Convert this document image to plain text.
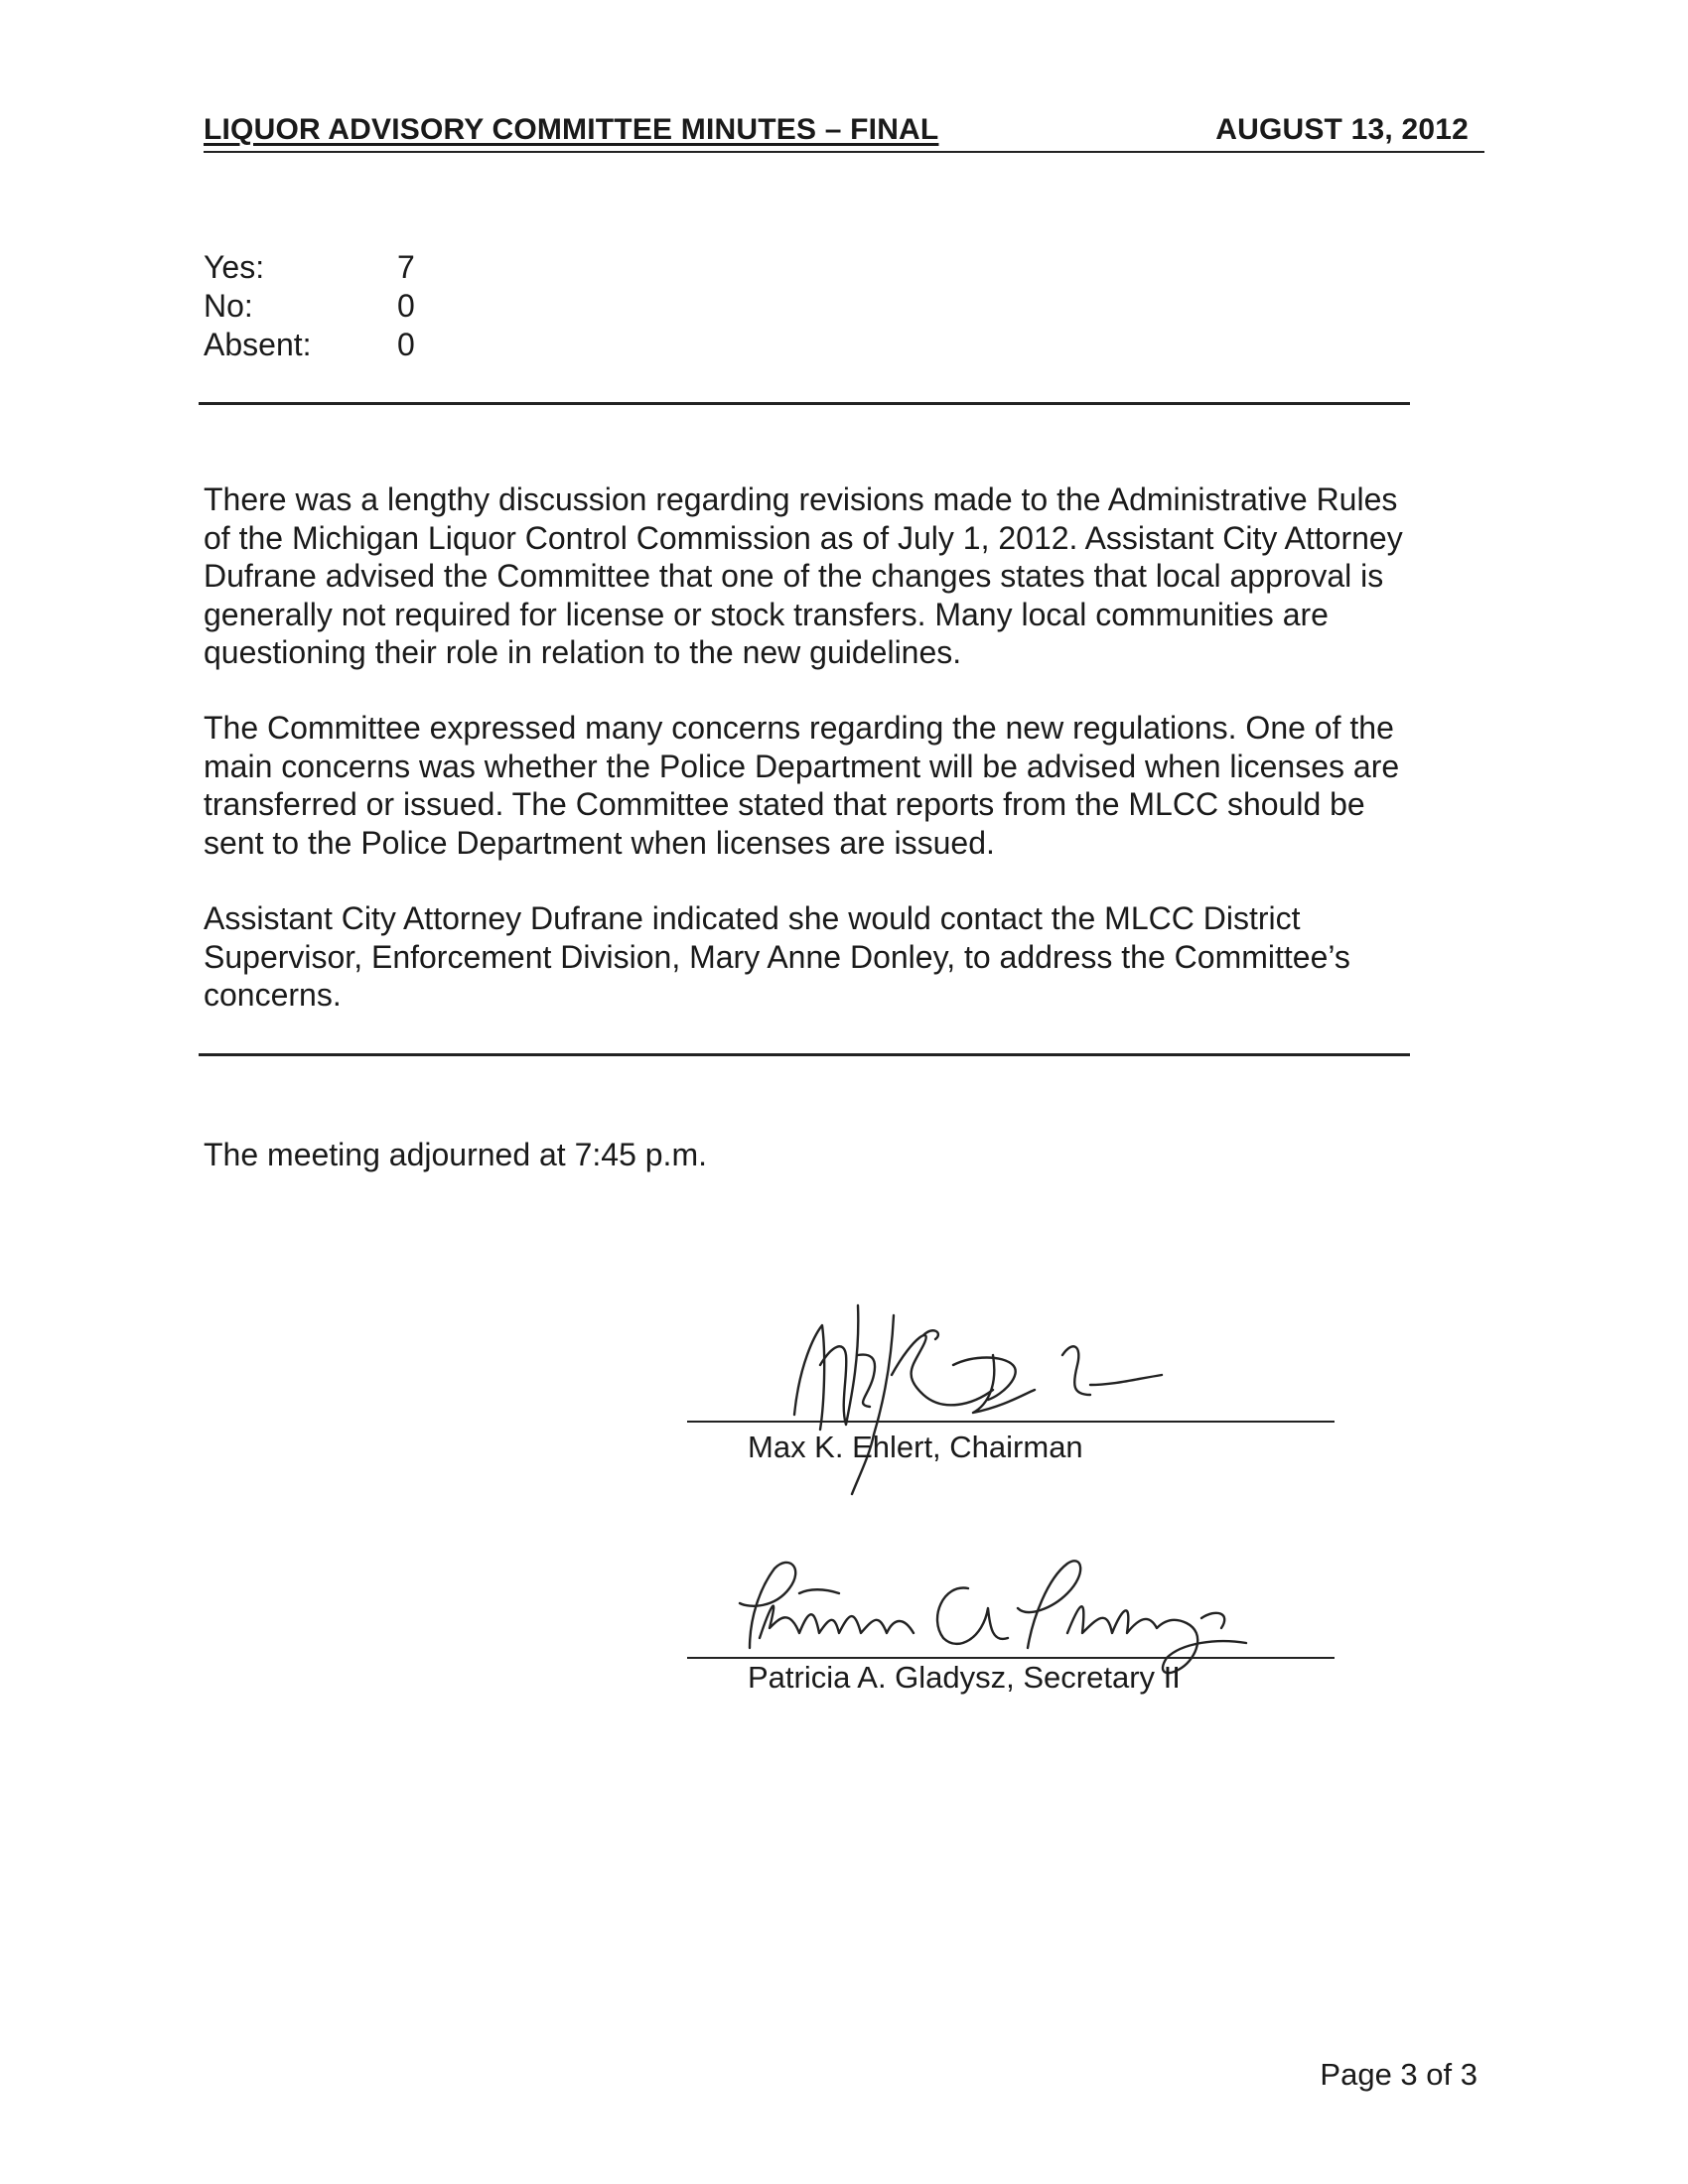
LIQUOR ADVISORY COMMITTEE MINUTES – FINAL	AUGUST 13, 2012
Yes:	7
No:	0
Absent:	0

There was a lengthy discussion regarding revisions made to the Administrative Rules of the Michigan Liquor Control Commission as of July 1, 2012. Assistant City Attorney Dufrane advised the Committee that one of the changes states that local approval is generally not required for license or stock transfers. Many local communities are questioning their role in relation to the new guidelines.

The Committee expressed many concerns regarding the new regulations. One of the main concerns was whether the Police Department will be advised when licenses are transferred or issued. The Committee stated that reports from the MLCC should be sent to the Police Department when licenses are issued.

Assistant City Attorney Dufrane indicated she would contact the MLCC District Supervisor, Enforcement Division, Mary Anne Donley, to address the Committee’s concerns.

The meeting adjourned at 7:45 p.m.

Max K. Ehlert, Chairman
Patricia A. Gladysz, Secretary II
Page 3 of 3
